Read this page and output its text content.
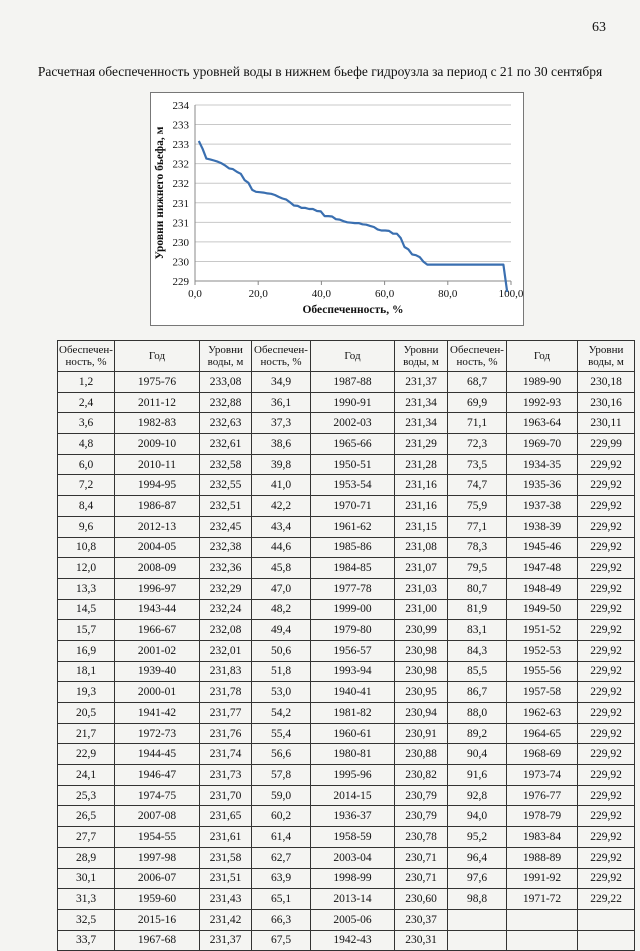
63
Расчетная обеспеченность уровней воды в нижнем бьефе гидроузла за период с 21 по 30 сентября
234
233
233
232
232
231
231
230
230
229
0,0	20,0	40,0	60,0	80,0	100,0
Обеспеченность, %
Уровни нижнего бьефа, м
Обеспечен-ность, %	Год	Уровни воды, м	Обеспечен-ность, %	Год	Уровни воды, м	Обеспечен-ность, %	Год	Уровни воды, м
1,2	1975-76	233,08	34,9	1987-88	231,37	68,7	1989-90	230,18
2,4	2011-12	232,88	36,1	1990-91	231,34	69,9	1992-93	230,16
3,6	1982-83	232,63	37,3	2002-03	231,34	71,1	1963-64	230,11
4,8	2009-10	232,61	38,6	1965-66	231,29	72,3	1969-70	229,99
6,0	2010-11	232,58	39,8	1950-51	231,28	73,5	1934-35	229,92
7,2	1994-95	232,55	41,0	1953-54	231,16	74,7	1935-36	229,92
8,4	1986-87	232,51	42,2	1970-71	231,16	75,9	1937-38	229,92
9,6	2012-13	232,45	43,4	1961-62	231,15	77,1	1938-39	229,92
10,8	2004-05	232,38	44,6	1985-86	231,08	78,3	1945-46	229,92
12,0	2008-09	232,36	45,8	1984-85	231,07	79,5	1947-48	229,92
13,3	1996-97	232,29	47,0	1977-78	231,03	80,7	1948-49	229,92
14,5	1943-44	232,24	48,2	1999-00	231,00	81,9	1949-50	229,92
15,7	1966-67	232,08	49,4	1979-80	230,99	83,1	1951-52	229,92
16,9	2001-02	232,01	50,6	1956-57	230,98	84,3	1952-53	229,92
18,1	1939-40	231,83	51,8	1993-94	230,98	85,5	1955-56	229,92
19,3	2000-01	231,78	53,0	1940-41	230,95	86,7	1957-58	229,92
20,5	1941-42	231,77	54,2	1981-82	230,94	88,0	1962-63	229,92
21,7	1972-73	231,76	55,4	1960-61	230,91	89,2	1964-65	229,92
22,9	1944-45	231,74	56,6	1980-81	230,88	90,4	1968-69	229,92
24,1	1946-47	231,73	57,8	1995-96	230,82	91,6	1973-74	229,92
25,3	1974-75	231,70	59,0	2014-15	230,79	92,8	1976-77	229,92
26,5	2007-08	231,65	60,2	1936-37	230,79	94,0	1978-79	229,92
27,7	1954-55	231,61	61,4	1958-59	230,78	95,2	1983-84	229,92
28,9	1997-98	231,58	62,7	2003-04	230,71	96,4	1988-89	229,92
30,1	2006-07	231,51	63,9	1998-99	230,71	97,6	1991-92	229,92
31,3	1959-60	231,43	65,1	2013-14	230,60	98,8	1971-72	229,22
32,5	2015-16	231,42	66,3	2005-06	230,37			
33,7	1967-68	231,37	67,5	1942-43	230,31			
